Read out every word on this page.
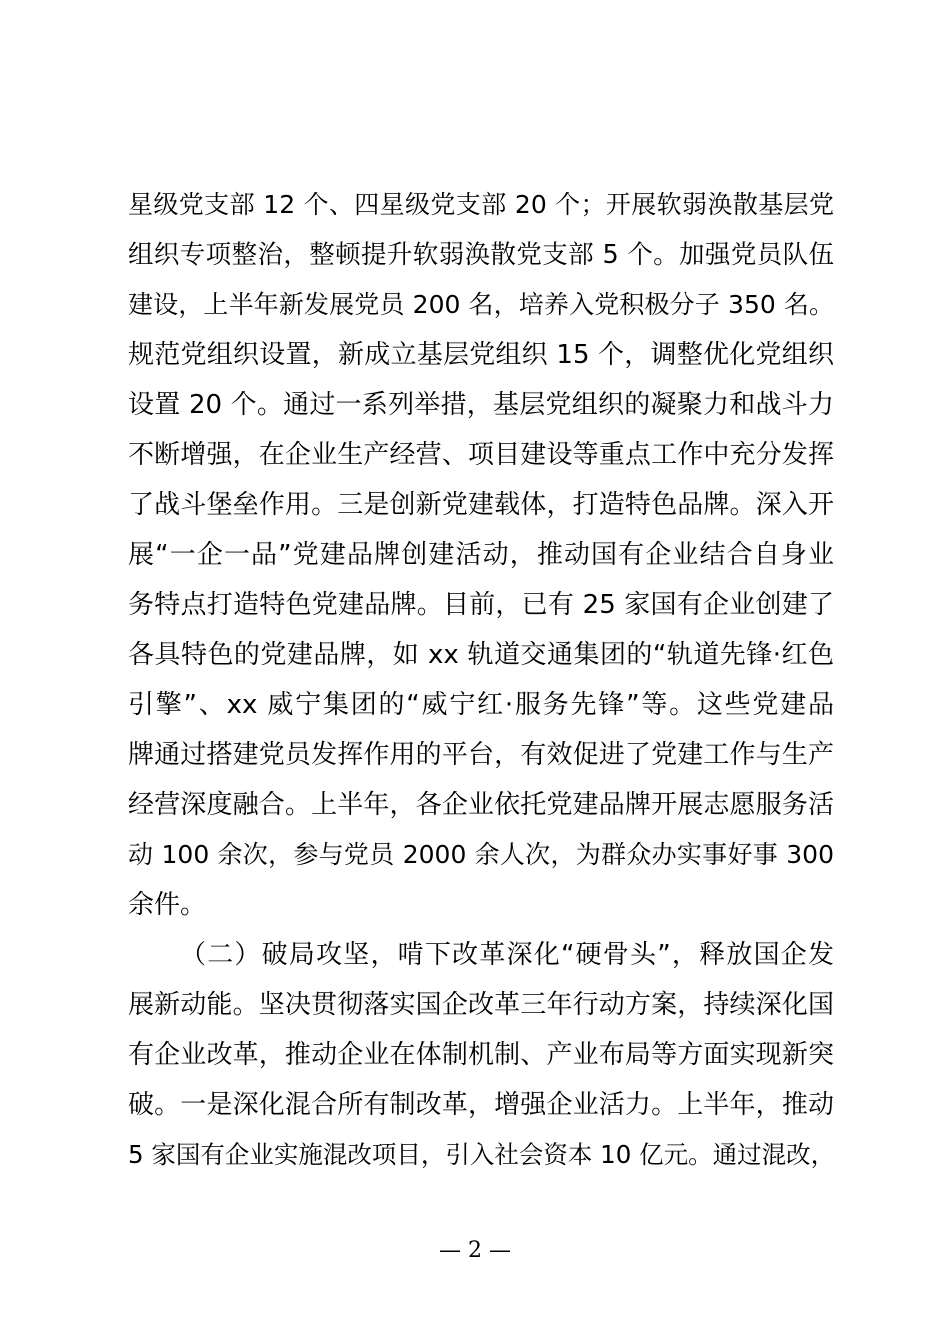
星级党支部 12 个、四星级党支部 20 个；开展软弱涣散基层党
组织专项整治，整顿提升软弱涣散党支部 5 个。加强党员队伍
建设，上半年新发展党员 200 名，培养入党积极分子 350 名。
规范党组织设置，新成立基层党组织 15 个，调整优化党组织
设置 20 个。通过一系列举措，基层党组织的凝聚力和战斗力
不断增强，在企业生产经营、项目建设等重点工作中充分发挥
了战斗堡垒作用。三是创新党建载体，打造特色品牌。深入开
展“一企一品”党建品牌创建活动，推动国有企业结合自身业
务特点打造特色党建品牌。目前，已有 25 家国有企业创建了
各具特色的党建品牌，如 xx 轨道交通集团的“轨道先锋·红色
引擎”、xx 威宁集团的“威宁红·服务先锋”等。这些党建品
牌通过搭建党员发挥作用的平台，有效促进了党建工作与生产
经营深度融合。上半年，各企业依托党建品牌开展志愿服务活
动 100 余次，参与党员 2000 余人次，为群众办实事好事 300
余件。
（二）破局攻坚，啃下改革深化“硬骨头”，释放国企发
展新动能。坚决贯彻落实国企改革三年行动方案，持续深化国
有企业改革，推动企业在体制机制、产业布局等方面实现新突
破。一是深化混合所有制改革，增强企业活力。上半年，推动
5 家国有企业实施混改项目，引入社会资本 10 亿元。通过混改，
— 2 —
